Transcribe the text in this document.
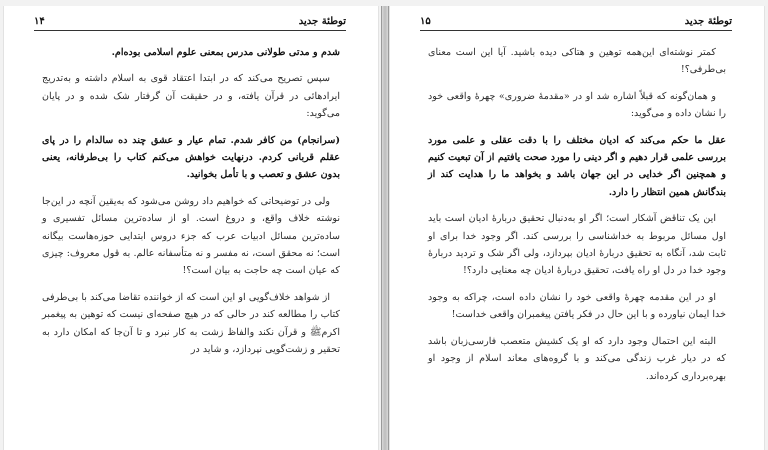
توطئة جديد
۱۴

شدم و مدتی طولانی مدرس بمعنی علوم اسلامی بوده‌ام.

سپس تصریح می‌کند که در ابتدا اعتقاد قوی به اسلام داشته و به‌تدریج ایرادهائی در قرآن یافته، و در حقیقت آن گرفتار شک شده و در پایان می‌گوید:

(سرانجام) من کافر شدم. تمام عیار و عشق چند ده سالدام را در پای عقلم قربانی کردم. درنهایت خواهش می‌کنم کتاب را بی‌طرفانه، یعنی بدون عشق و تعصب و با تأمل بخوانید.

ولی در توضیحاتی که خواهیم داد روشن می‌شود که به‌یقین آنچه در این‌جا نوشته خلاف واقع، و دروغ است. او از ساده‌ترین مسائل تفسیری و ساده‌ترین مسائل ادبیات عرب که جزء دروس ابتدایی حوزه‌هاست بیگانه است؛ نه محقق است، نه مفسر و نه متأسفانه عالم. به قول معروف: چیزی که عیان است چه حاجت به بیان است؟!

از شواهد خلاف‌گویی او این است که از خواننده تقاضا می‌کند با بی‌طرفی کتاب را مطالعه کند در حالی که در هیچ صفحه‌ای نیست که توهین به پیغمبر اکرمﷺ و قرآن نکند والفاظ زشت به کار نبرد و تا آن‌جا که امکان دارد به تحقیر و زشت‌گویی نپردازد، و شاید در

توطئة جديد
۱۵

کمتر نوشته‌ای این‌همه توهین و هتاکی دیده باشید. آیا این است معنای بی‌طرفی؟!

و همان‌گونه که قبلاً اشاره شد او در «مقدمهٔ ضروری» چهرهٔ واقعی خود را نشان داده و می‌گوید:

عقل ما حکم می‌کند که ادیان مختلف را با دقت عقلی و علمی مورد بررسی علمی قرار دهیم و اگر دینی را مورد صحت یافتیم از آن تبعیت کنیم و همچنین اگر خدایی در این جهان باشد و بخواهد ما را هدایت کند از بندگانش همین انتظار را دارد.

این یک تناقض آشکار است؛ اگر او به‌دنبال تحقیق دربارهٔ ادیان است باید اول مسائل مربوط به خداشناسی را بررسی کند. اگر وجود خدا برای او ثابت شد، آنگاه به تحقیق دربارهٔ ادیان بپردازد، ولی اگر شک و تردید دربارهٔ وجود خدا در دل او راه یافت، تحقیق دربارهٔ ادیان چه معنایی دارد؟!

او در این مقدمه چهرهٔ واقعی خود را نشان داده است، چراکه به وجود خدا ایمان نیاورده و با این حال در فکر یافتن پیغمبران واقعی خداست!

البته این احتمال وجود دارد که او یک کشیش متعصب فارسی‌زبان باشد که در دیار غرب زندگی می‌کند و با گروه‌های معاند اسلام از وجود او بهره‌برداری کرده‌اند.
